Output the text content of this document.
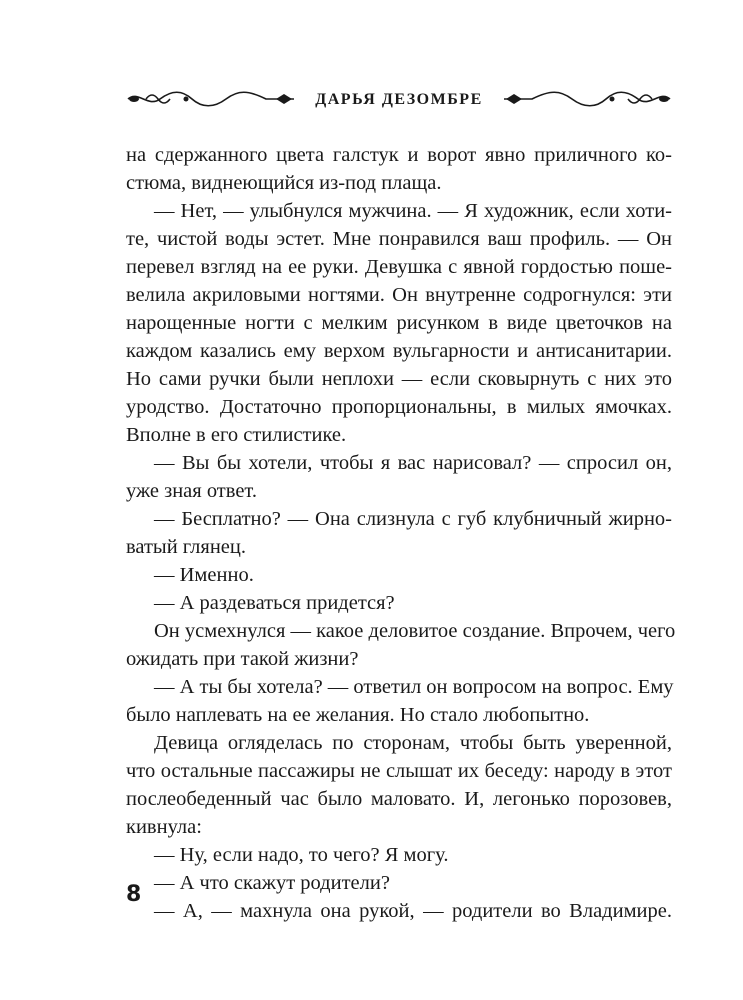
ДАРЬЯ ДЕЗОМБРЕ
на сдержанного цвета галстук и ворот явно приличного ко-
стюма, виднеющийся из-под плаща.
— Нет, — улыбнулся мужчина. — Я художник, если хоти-
те, чистой воды эстет. Мне понравился ваш профиль. — Он
перевел взгляд на ее руки. Девушка с явной гордостью поше-
велила акриловыми ногтями. Он внутренне содрогнулся: эти
нарощенные ногти с мелким рисунком в виде цветочков на
каждом казались ему верхом вульгарности и антисанитарии.
Но сами ручки были неплохи — если сковырнуть с них это
уродство. Достаточно пропорциональны, в милых ямочках.
Вполне в его стилистике.
— Вы бы хотели, чтобы я вас нарисовал? — спросил он,
уже зная ответ.
— Бесплатно? — Она слизнула с губ клубничный жирно-
ватый глянец.
— Именно.
— А раздеваться придется?
Он усмехнулся — какое деловитое создание. Впрочем, чего
ожидать при такой жизни?
— А ты бы хотела? — ответил он вопросом на вопрос. Ему
было наплевать на ее желания. Но стало любопытно.
Девица огляделась по сторонам, чтобы быть уверенной,
что остальные пассажиры не слышат их беседу: народу в этот
послеобеденный час было маловато. И, легонько порозовев,
кивнула:
— Ну, если надо, то чего? Я могу.
— А что скажут родители?
— А, — махнула она рукой, — родители во Владимире.
8
